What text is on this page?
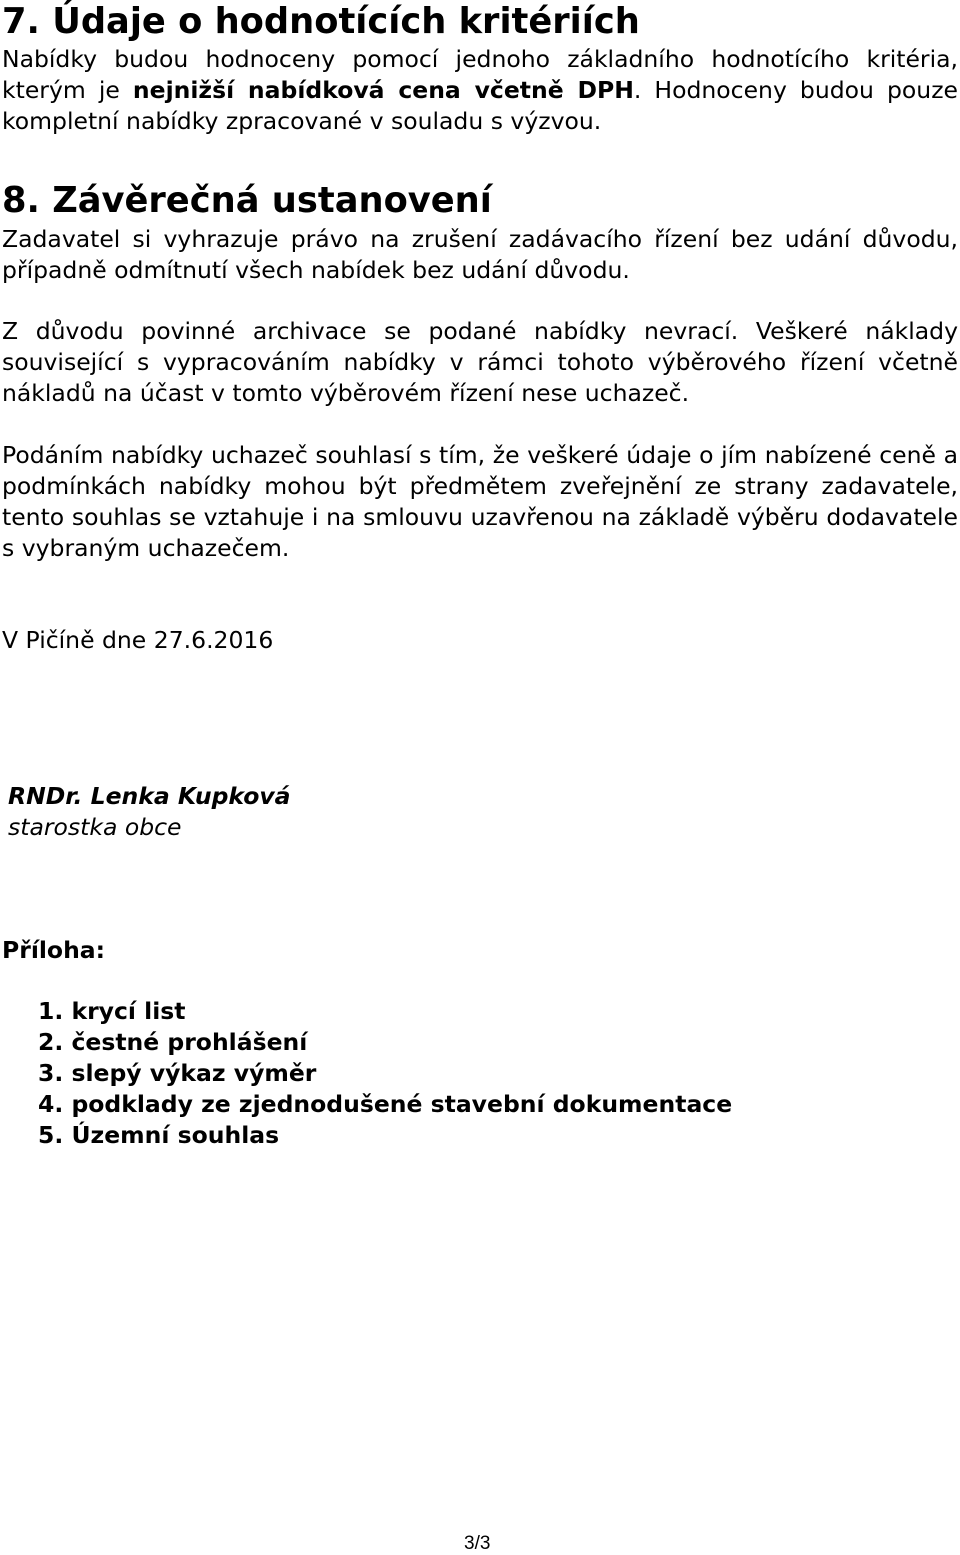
7. Údaje o hodnotících kritériích

Nabídky budou hodnoceny pomocí jednoho základního hodnotícího kritéria, kterým je nejnižší nabídková cena včetně DPH. Hodnoceny budou pouze kompletní nabídky zpracované v souladu s výzvou.

8. Závěrečná ustanovení

Zadavatel si vyhrazuje právo na zrušení zadávacího řízení bez udání důvodu, případně odmítnutí všech nabídek bez udání důvodu.

Z důvodu povinné archivace se podané nabídky nevrací. Veškeré náklady související s vypracováním nabídky v rámci tohoto výběrového řízení včetně nákladů na účast v tomto výběrovém řízení nese uchazeč.

Podáním nabídky uchazeč souhlasí s tím, že veškeré údaje o jím nabízené ceně a podmínkách nabídky mohou být předmětem zveřejnění ze strany zadavatele, tento souhlas se vztahuje i na smlouvu uzavřenou na základě výběru dodavatele s vybraným uchazečem.

V Pičíně dne 27.6.2016

RNDr. Lenka Kupková
starostka obce
Příloha:
1. krycí list
2. čestné prohlášení
3. slepý výkaz výměr
4. podklady ze zjednodušené stavební dokumentace
5. Územní souhlas
3/3
